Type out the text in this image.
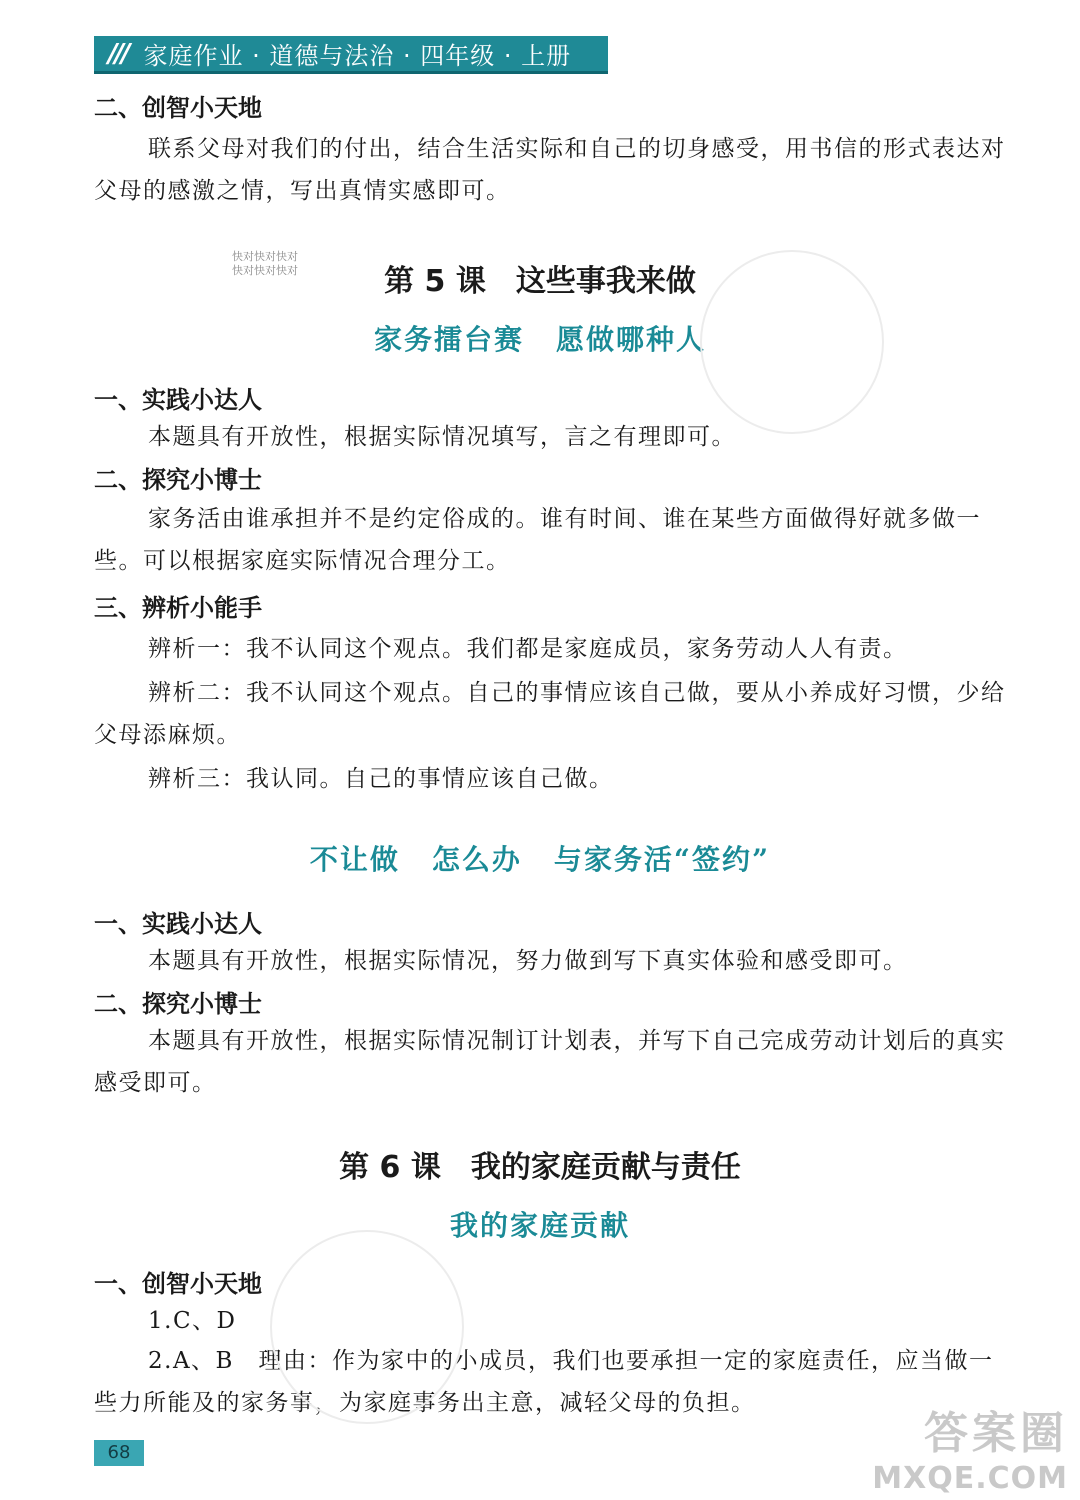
/// 家庭作业 · 道德与法治 · 四年级 · 上册
二、创智小天地

联系父母对我们的付出，结合生活实际和自己的切身感受，用书信的形式表达对父母的感激之情，写出真情实感即可。

快对快对快对
快对快对快对	第 5 课　这些事我来做
家务擂台赛 愿做哪种人
一、实践小达人

本题具有开放性，根据实际情况填写，言之有理即可。

二、探究小博士

家务活由谁承担并不是约定俗成的。谁有时间、谁在某些方面做得好就多做一些。可以根据家庭实际情况合理分工。

三、辨析小能手

辨析一：我不认同这个观点。我们都是家庭成员，家务劳动人人有责。

辨析二：我不认同这个观点。自己的事情应该自己做，要从小养成好习惯，少给父母添麻烦。

辨析三：我认同。自己的事情应该自己做。

不让做 怎么办 与家务活“签约”
一、实践小达人

本题具有开放性，根据实际情况，努力做到写下真实体验和感受即可。

二、探究小博士

本题具有开放性，根据实际情况制订计划表，并写下自己完成劳动计划后的真实感受即可。

第 6 课　我的家庭贡献与责任
我的家庭贡献
一、创智小天地

1.C、D

2.A、B　理由：作为家中的小成员，我们也要承担一定的家庭责任，应当做一些力所能及的家务事，为家庭事务出主意，减轻父母的负担。

68	答案圈
MXQE.COM
